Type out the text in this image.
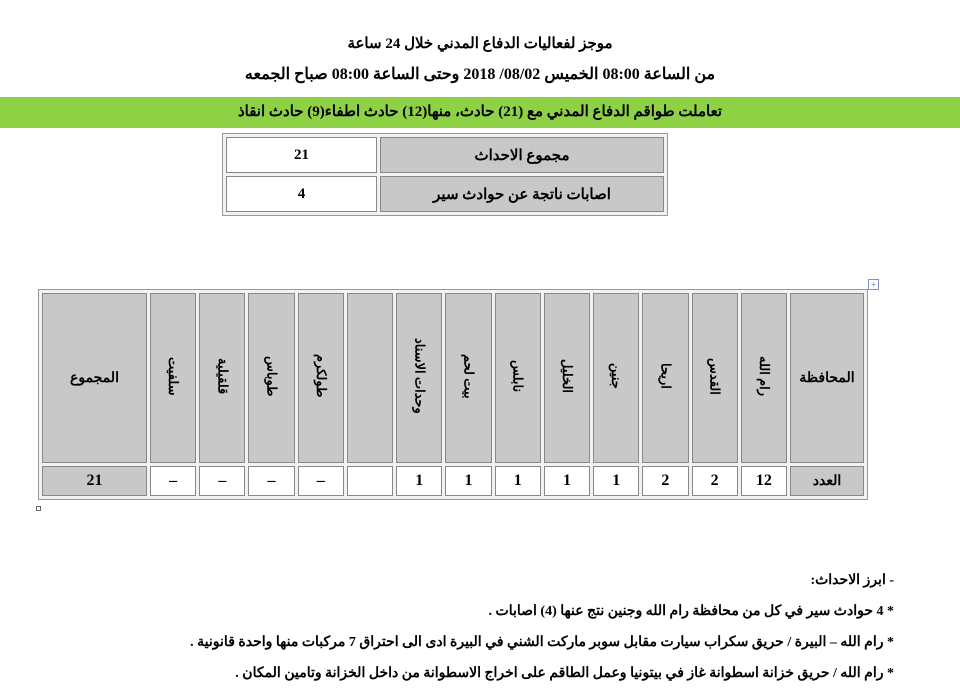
موجز لفعاليات الدفاع المدني خلال 24 ساعة
من الساعة 08:00 الخميس 08/02/ 2018 وحتى الساعة 08:00 صباح الجمعه
تعاملت طواقم الدفاع المدني مع (21) حادث، منها(12) حادث اطفاء(9) حادث انقاذ
مجموع الاحداث	21
اصابات ناتجة عن حوادث سير	4
+
المحافظة	رام الله	القدس	اريحا	جنين	الخليل	نابلس	بيت لحم	وحدات الاسناد		طولكرم	طوباس	قلقيلية	سلفيت	المجموع
العدد	12	2	2	1	1	1	1	1		–	–	–	–	21
- ابرز الاحداث:
* 4 حوادث سير في كل من محافظة رام الله وجنين نتج عنها (4) اصابات .
* رام الله – البيرة / حريق سكراب سيارت مقابل سوبر ماركت الشني في البيرة ادى الى احتراق 7 مركبات منها واحدة قانونية .
* رام الله / حريق خزانة اسطوانة غاز في بيتونيا وعمل الطاقم على اخراج الاسطوانة من داخل الخزانة وتامين المكان .
